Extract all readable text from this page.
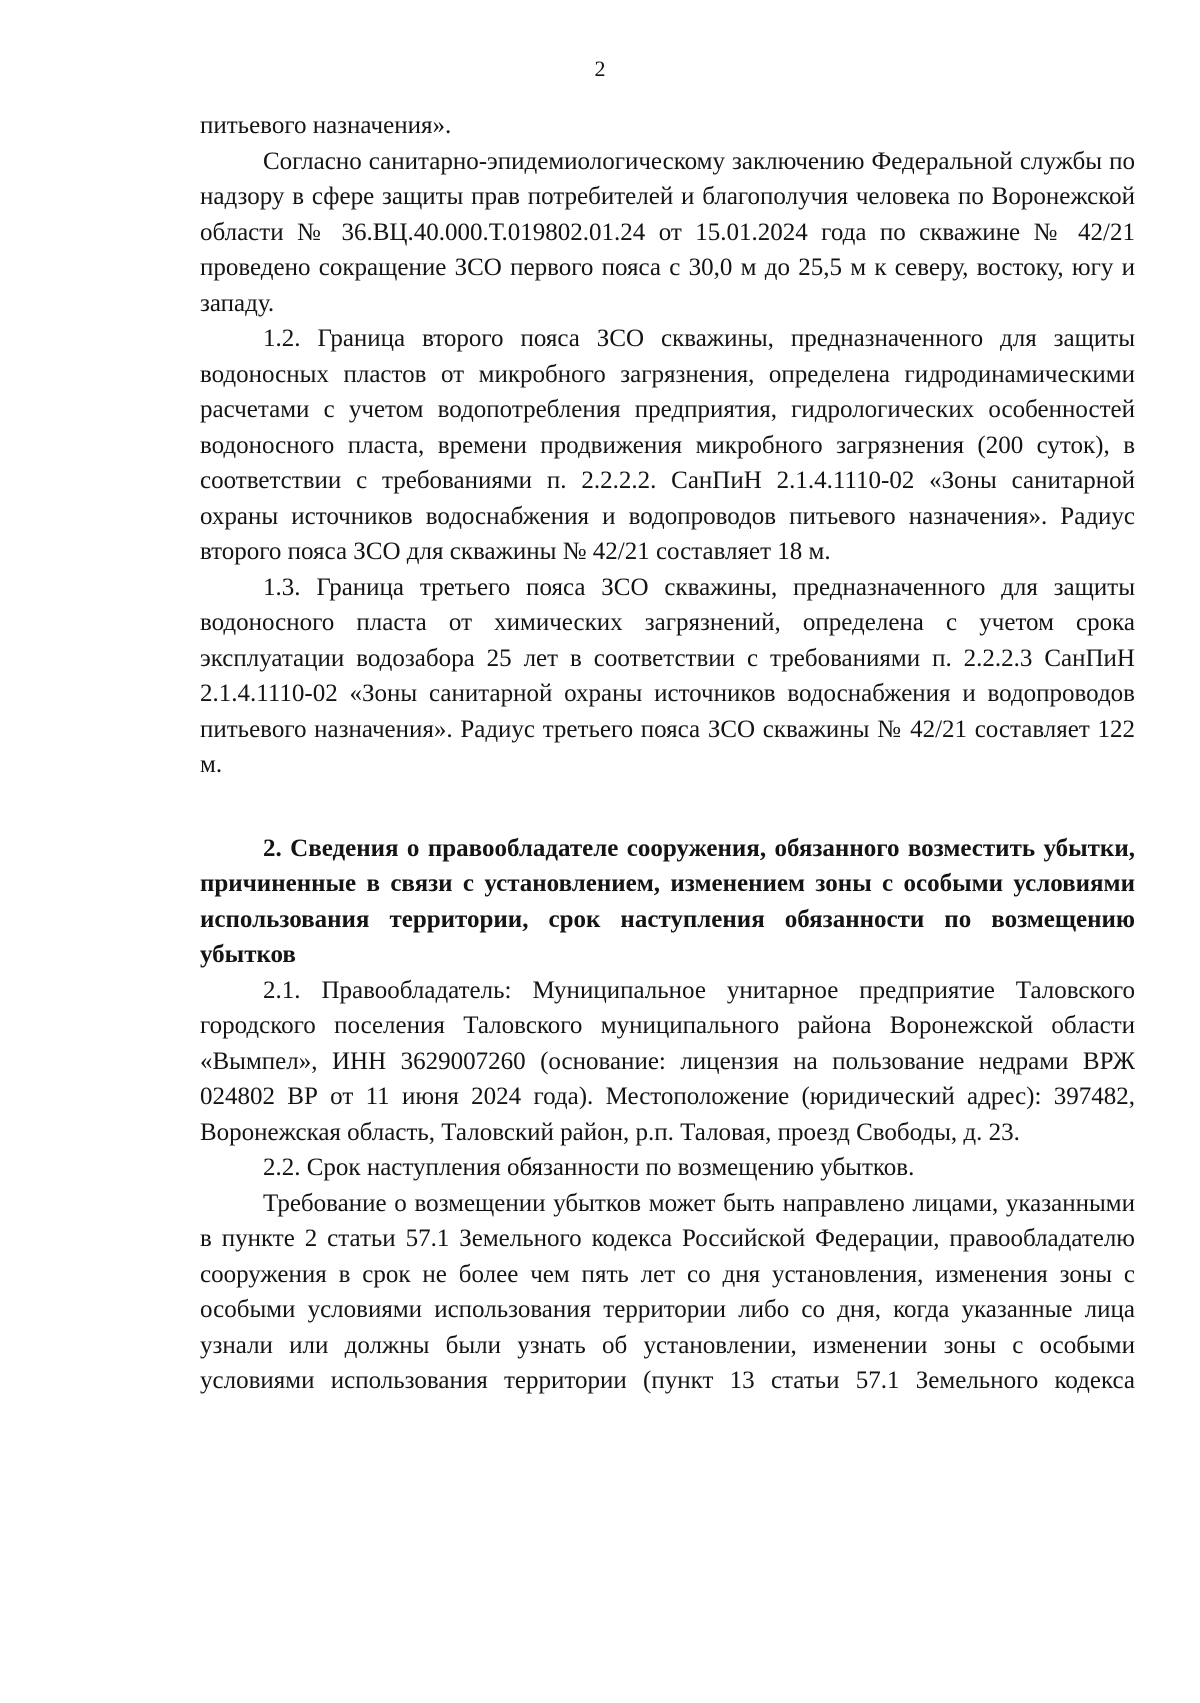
2

питьевого назначения».

Согласно санитарно-эпидемиологическому заключению Федеральной службы по надзору в сфере защиты прав потребителей и благополучия человека по Воронежской области № 36.ВЦ.40.000.Т.019802.01.24 от 15.01.2024 года по скважине № 42/21 проведено сокращение ЗСО первого пояса с 30,0 м до 25,5 м к северу, востоку, югу и западу.

1.2. Граница второго пояса ЗСО скважины, предназначенного для защиты водоносных пластов от микробного загрязнения, определена гидродинамическими расчетами с учетом водопотребления предприятия, гидрологических особенностей водоносного пласта, времени продвижения микробного загрязнения (200 суток), в соответствии с требованиями п. 2.2.2.2. СанПиН 2.1.4.1110-02 «Зоны санитарной охраны источников водоснабжения и водопроводов питьевого назначения». Радиус второго пояса ЗСО для скважины № 42/21 составляет 18 м.

1.3. Граница третьего пояса ЗСО скважины, предназначенного для защиты водоносного пласта от химических загрязнений, определена с учетом срока эксплуатации водозабора 25 лет в соответствии с требованиями п. 2.2.2.3 СанПиН 2.1.4.1110-02 «Зоны санитарной охраны источников водоснабжения и водопроводов питьевого назначения». Радиус третьего пояса ЗСО скважины № 42/21 составляет 122 м.

2. Сведения о правообладателе сооружения, обязанного возместить убытки, причиненные в связи с установлением, изменением зоны с особыми условиями использования территории, срок наступления обязанности по возмещению убытков

2.1. Правообладатель: Муниципальное унитарное предприятие Таловского городского поселения Таловского муниципального района Воронежской области «Вымпел», ИНН 3629007260 (основание: лицензия на пользование недрами ВРЖ 024802 ВР от 11 июня 2024 года). Местоположение (юридический адрес): 397482, Воронежская область, Таловский район, р.п. Таловая, проезд Свободы, д. 23.

2.2. Срок наступления обязанности по возмещению убытков.

Требование о возмещении убытков может быть направлено лицами, указанными в пункте 2 статьи 57.1 Земельного кодекса Российской Федерации, правообладателю сооружения в срок не более чем пять лет со дня установления, изменения зоны с особыми условиями использования территории либо со дня, когда указанные лица узнали или должны были узнать об установлении, изменении зоны с особыми условиями использования территории (пункт 13 статьи 57.1 Земельного кодекса
